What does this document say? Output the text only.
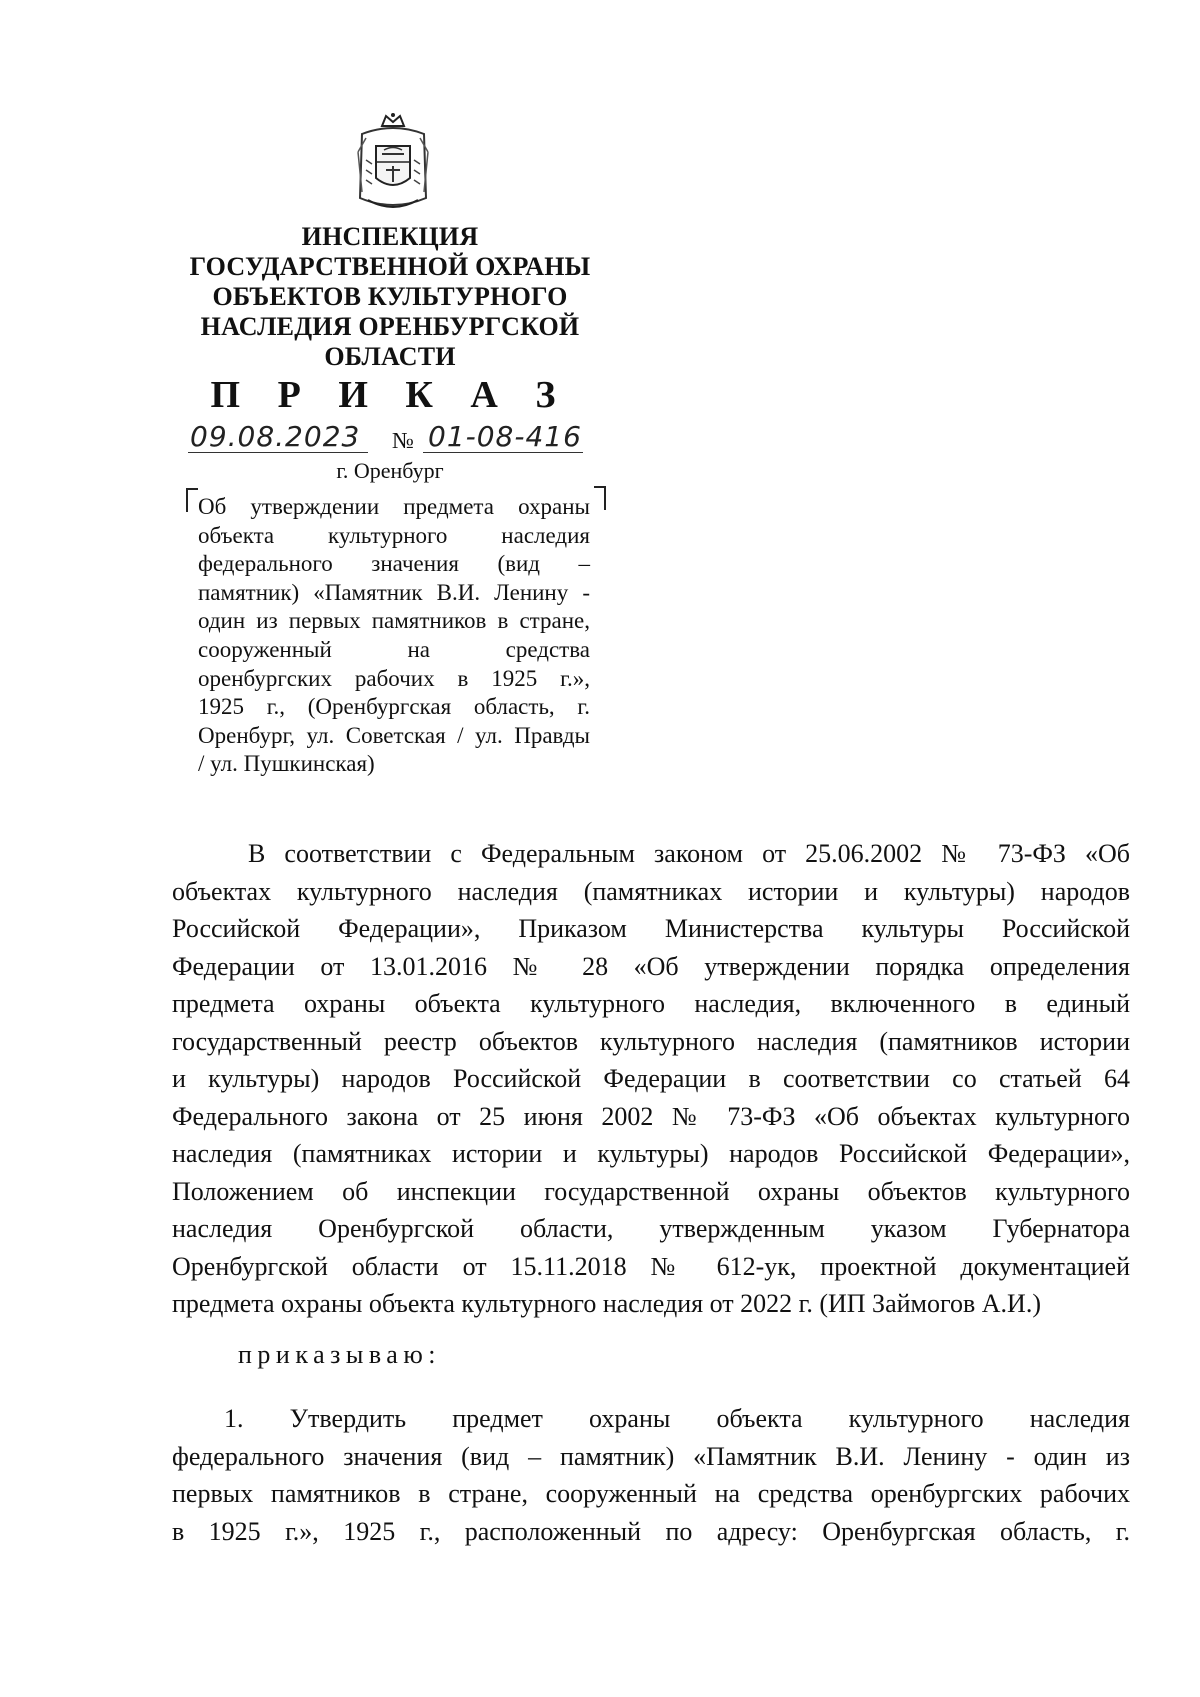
ИНСПЕКЦИЯ
ГОСУДАРСТВЕННОЙ ОХРАНЫ
ОБЪЕКТОВ КУЛЬТУРНОГО
НАСЛЕДИЯ ОРЕНБУРГСКОЙ
ОБЛАСТИ
П Р И К А З
09.08.2023 № 01-08-416
г. Оренбург
Об утверждении предмета охраны
объекта культурного наследия
федерального значения (вид –
памятник) «Памятник В.И. Ленину -
один из первых памятников в стране,
сооруженный на средства
оренбургских рабочих в 1925 г.»,
1925 г., (Оренбургская область, г.
Оренбург, ул. Советская / ул. Правды
/ ул. Пушкинская)
В соответствии с Федеральным законом от 25.06.2002 № 73-ФЗ «Об
объектах культурного наследия (памятниках истории и культуры) народов
Российской Федерации», Приказом Министерства культуры Российской
Федерации от 13.01.2016 № 28 «Об утверждении порядка определения
предмета охраны объекта культурного наследия, включенного в единый
государственный реестр объектов культурного наследия (памятников истории
и культуры) народов Российской Федерации в соответствии со статьей 64
Федерального закона от 25 июня 2002 № 73-ФЗ «Об объектах культурного
наследия (памятниках истории и культуры) народов Российской Федерации»,
Положением об инспекции государственной охраны объектов культурного
наследия Оренбургской области, утвержденным указом Губернатора
Оренбургской области от 15.11.2018 № 612-ук, проектной документацией
предмета охраны объекта культурного наследия от 2022 г. (ИП Займогов А.И.)
приказываю:
1. Утвердить предмет охраны объекта культурного наследия
федерального значения (вид – памятник) «Памятник В.И. Ленину - один из
первых памятников в стране, сооруженный на средства оренбургских рабочих
в 1925 г.», 1925 г., расположенный по адресу: Оренбургская область, г.
